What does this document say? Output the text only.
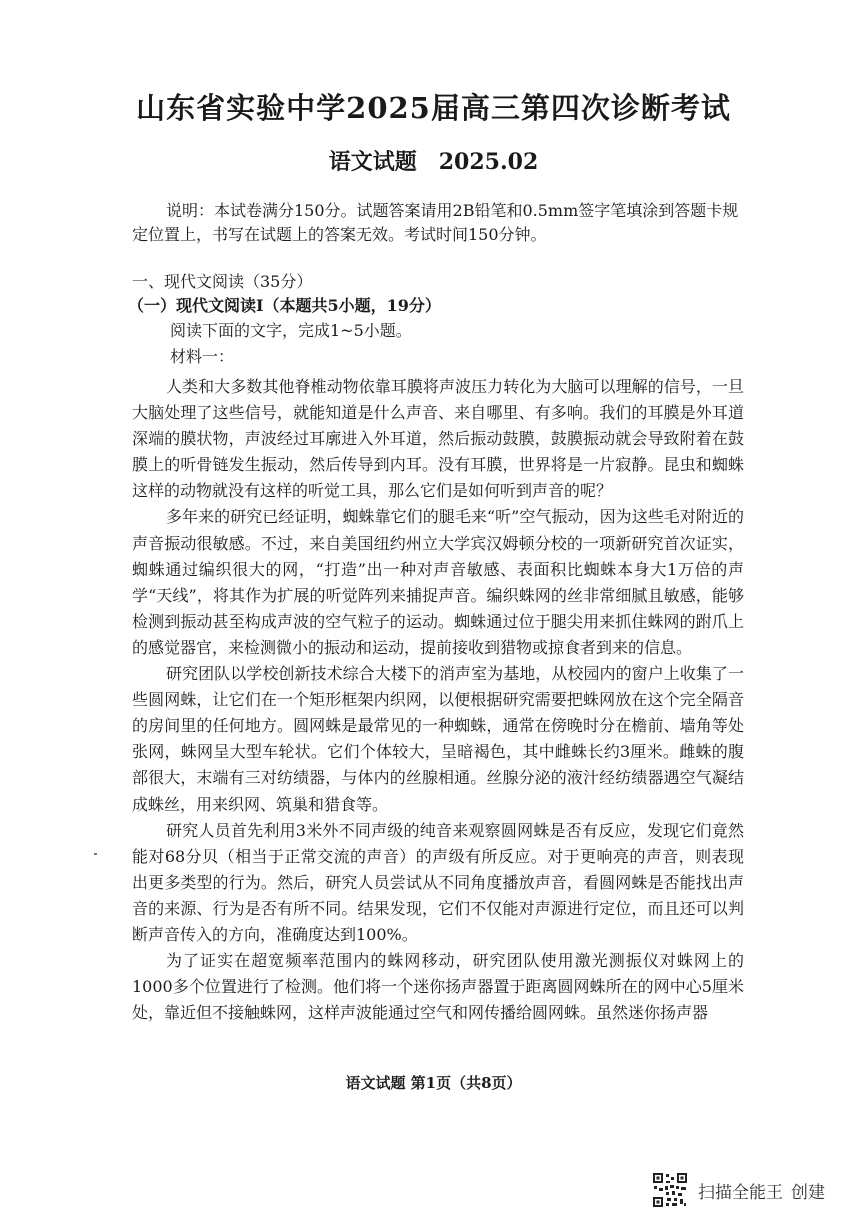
山东省实验中学2025届高三第四次诊断考试
语文试题 2025.02
说明：本试卷满分150分。试题答案请用2B铅笔和0.5mm签字笔填涂到答题卡规定位置上，书写在试题上的答案无效。考试时间150分钟。
一、现代文阅读（35分）
（一）现代文阅读Ⅰ（本题共5小题，19分）
阅读下面的文字，完成1~5小题。
材料一：

人类和大多数其他脊椎动物依靠耳膜将声波压力转化为大脑可以理解的信号，一旦大脑处理了这些信号，就能知道是什么声音、来自哪里、有多响。我们的耳膜是外耳道深端的膜状物，声波经过耳廓进入外耳道，然后振动鼓膜，鼓膜振动就会导致附着在鼓膜上的听骨链发生振动，然后传导到内耳。没有耳膜，世界将是一片寂静。昆虫和蜘蛛这样的动物就没有这样的听觉工具，那么它们是如何听到声音的呢？

多年来的研究已经证明，蜘蛛靠它们的腿毛来“听”空气振动，因为这些毛对附近的声音振动很敏感。不过，来自美国纽约州立大学宾汉姆顿分校的一项新研究首次证实，蜘蛛通过编织很大的网，“打造”出一种对声音敏感、表面积比蜘蛛本身大1万倍的声学“天线”，将其作为扩展的听觉阵列来捕捉声音。编织蛛网的丝非常细腻且敏感，能够检测到振动甚至构成声波的空气粒子的运动。蜘蛛通过位于腿尖用来抓住蛛网的跗爪上的感觉器官，来检测微小的振动和运动，提前接收到猎物或掠食者到来的信息。

研究团队以学校创新技术综合大楼下的消声室为基地，从校园内的窗户上收集了一些圆网蛛，让它们在一个矩形框架内织网，以便根据研究需要把蛛网放在这个完全隔音的房间里的任何地方。圆网蛛是最常见的一种蜘蛛，通常在傍晚时分在檐前、墙角等处张网，蛛网呈大型车轮状。它们个体较大，呈暗褐色，其中雌蛛长约3厘米。雌蛛的腹部很大，末端有三对纺绩器，与体内的丝腺相通。丝腺分泌的液汁经纺绩器遇空气凝结成蛛丝，用来织网、筑巢和猎食等。

研究人员首先利用3米外不同声级的纯音来观察圆网蛛是否有反应，发现它们竟然能对68分贝（相当于正常交流的声音）的声级有所反应。对于更响亮的声音，则表现出更多类型的行为。然后，研究人员尝试从不同角度播放声音，看圆网蛛是否能找出声音的来源、行为是否有所不同。结果发现，它们不仅能对声源进行定位，而且还可以判断声音传入的方向，准确度达到100%。

为了证实在超宽频率范围内的蛛网移动，研究团队使用激光测振仪对蛛网上的1000多个位置进行了检测。他们将一个迷你扬声器置于距离圆网蛛所在的网中心5厘米处，靠近但不接触蛛网，这样声波能通过空气和网传播给圆网蛛。虽然迷你扬声器

语文试题 第1页（共8页）
扫描全能王 创建
